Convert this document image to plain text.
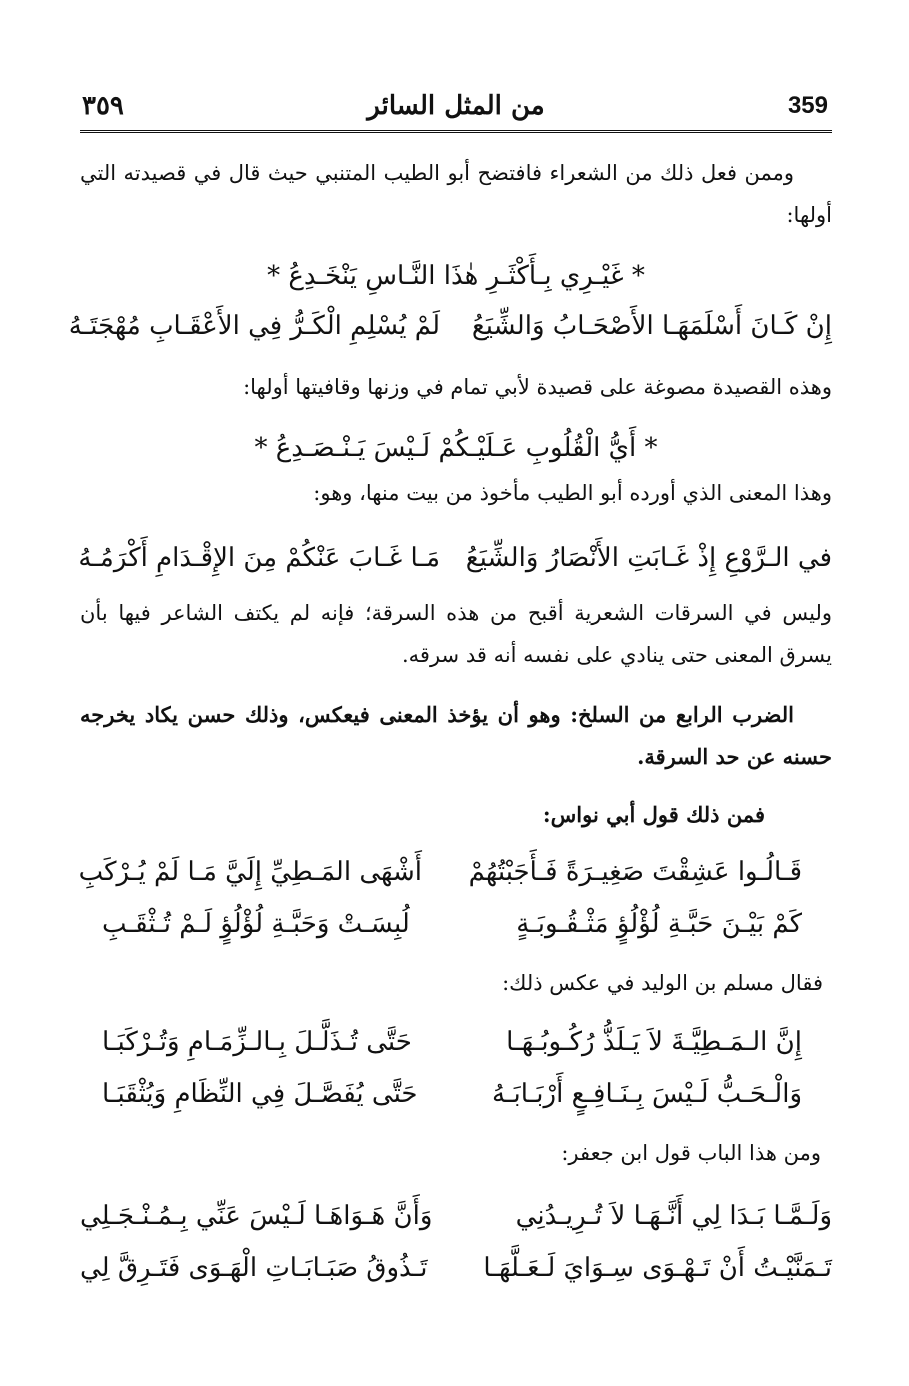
٣٥٩	من المثل السائر	359
وممن فعل ذلك من الشعراء فافتضح أبو الطيب المتنبي حيث قال في قصيدته التي أولها:
* غَيْـرِي بِـأَكْثَـرِ هٰذَا النَّـاسِ يَنْخَـدِعُ *
إِنْ كَـانَ أَسْلَمَهَـا الأَصْحَـابُ وَالشِّيَعُ
لَمْ يُسْلِمِ الْكَـرُّ فِي الأَعْقَـابِ مُهْجَتَـهُ
وهذه القصيدة مصوغة على قصيدة لأبي تمام في وزنها وقافيتها أولها:
* أَيُّ الْقُلُوبِ عَـلَيْـكُمْ لَـيْسَ يَـنْـصَـدِعُ *
وهذا المعنى الذي أورده أبو الطيب مأخوذ من بيت منها، وهو:
في الـرَّوْعِ إِذْ غَـابَتِ الأَنْصَارُ وَالشِّيَعُ
مَـا غَـابَ عَنْكُمْ مِنَ الإِقْـدَامِ أَكْرَمُـهُ
وليس في السرقات الشعرية أقبح من هذه السرقة؛ فإنه لم يكتف الشاعر فيها بأن يسرق المعنى حتى ينادي على نفسه أنه قد سرقه.
الضرب الرابع من السلخ: وهو أن يؤخذ المعنى فيعكس، وذلك حسن يكاد يخرجه حسنه عن حد السرقة.
فمن ذلك قول أبي نواس:
قَـالُـوا عَشِقْتَ صَغِيـرَةً فَـأَجَبْتُهُمْ
أَشْهَى المَـطِيِّ إِلَيَّ مَـا لَمْ يُـرْكَبِ
كَمْ بَيْـنَ حَبَّـةِ لُؤْلُؤٍ مَثْـقُـوبَـةٍ
لُبِسَـتْ وَحَبَّـةِ لُؤْلُؤٍ لَـمْ تُـثْقَـبِ
فقال مسلم بن الوليد في عكس ذلك:
إِنَّ الـمَـطِيَّـةَ لاَ يَـلَذُّ رُكُـوبُـهَـا
حَتَّى تُـذَلَّـلَ بِـالـزِّمَـامِ وَتُـرْكَبَـا
وَالْـحَـبُّ لَـيْسَ بِـنَـافِـعٍ أَرْبَـابَـهُ
حَتَّى يُفَصَّـلَ فِي النِّظَامِ وَيُثْقَبَـا
ومن هذا الباب قول ابن جعفر:
وَلَـمَّـا بَـدَا لِي أَنَّـهَـا لاَ تُـرِيـدُنِي
وَأَنَّ هَـوَاهَـا لَـيْسَ عَنِّي بِـمُـنْـجَـلِي
تَـمَنَّيْـتُ أَنْ تَـهْـوَى سِـوَايَ لَـعَـلَّهَـا
تَـذُوقُ صَبَـابَـاتِ الْهَـوَى فَتَـرِقَّ لِي
